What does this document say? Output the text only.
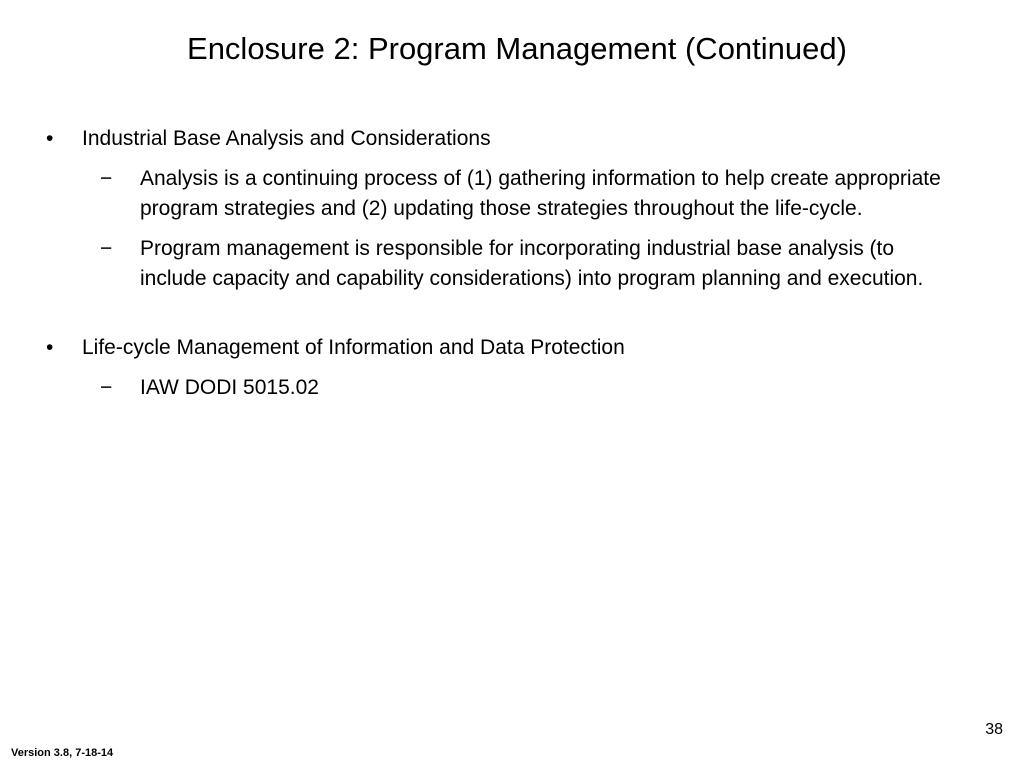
Enclosure 2: Program Management (Continued)
• Industrial Base Analysis and Considerations
− Analysis is a continuing process of (1) gathering information to help create appropriate program strategies and (2) updating those strategies throughout the life-cycle.
− Program management is responsible for incorporating industrial base analysis (to include capacity and capability considerations) into program planning and execution.
• Life-cycle Management of Information and Data Protection
− IAW DODI 5015.02
38
Version 3.8, 7-18-14
